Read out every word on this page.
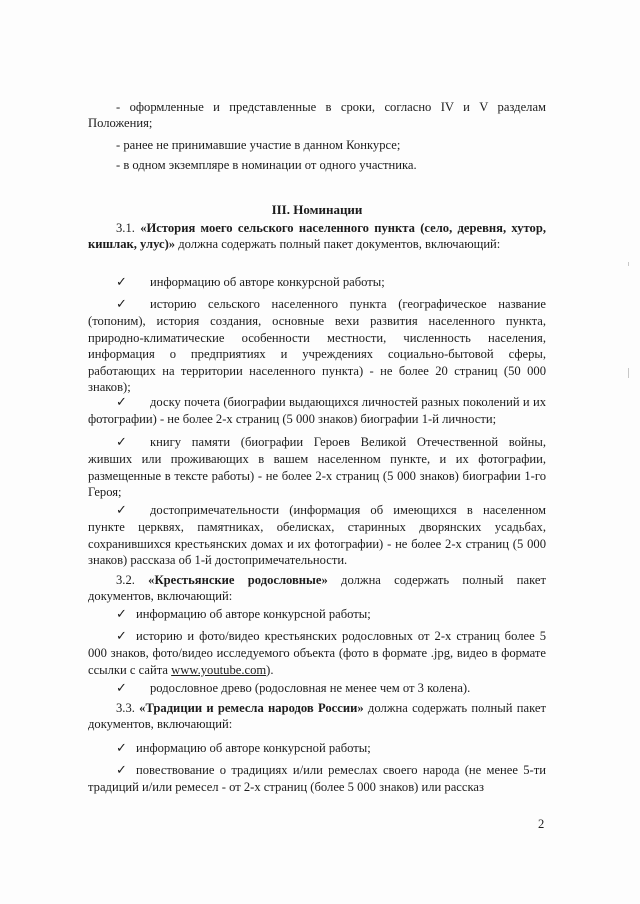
- оформленные и представленные в сроки, согласно IV и V разделам Положения;

- ранее не принимавшие участие в данном Конкурсе;

- в одном экземпляре в номинации от одного участника.

III. Номинации

3.1. «История моего сельского населенного пункта (село, деревня, хутор, кишлак, улус)» должна содержать полный пакет документов, включающий:

✓ информацию об авторе конкурсной работы;

✓ историю сельского населенного пункта (географическое название (топоним), история создания, основные вехи развития населенного пункта, природно-климатические особенности местности, численность населения, информация о предприятиях и учреждениях социально-бытовой сферы, работающих на территории населенного пункта) - не более 20 страниц (50 000 знаков);

✓ доску почета (биографии выдающихся личностей разных поколений и их фотографии) - не более 2-х страниц (5 000 знаков) биографии 1-й личности;

✓ книгу памяти (биографии Героев Великой Отечественной войны, живших или проживающих в вашем населенном пункте, и их фотографии, размещенные в тексте работы) - не более 2-х страниц (5 000 знаков) биографии 1-го Героя;

✓ достопримечательности (информация об имеющихся в населенном пункте церквях, памятниках, обелисках, старинных дворянских усадьбах, сохранившихся крестьянских домах и их фотографии) - не более 2-х страниц (5 000 знаков) рассказа об 1-й достопримечательности.

3.2. «Крестьянские родословные» должна содержать полный пакет документов, включающий:

✓ информацию об авторе конкурсной работы;

✓ историю и фото/видео крестьянских родословных от 2-х страниц более 5 000 знаков, фото/видео исследуемого объекта (фото в формате .jpg, видео в формате ссылки с сайта www.youtube.com).

✓ родословное древо (родословная не менее чем от 3 колена).

3.3. «Традиции и ремесла народов России» должна содержать полный пакет документов, включающий:

✓ информацию об авторе конкурсной работы;

✓ повествование о традициях и/или ремеслах своего народа (не менее 5-ти традиций и/или ремесел - от 2-х страниц (более 5 000 знаков) или рассказ

2
